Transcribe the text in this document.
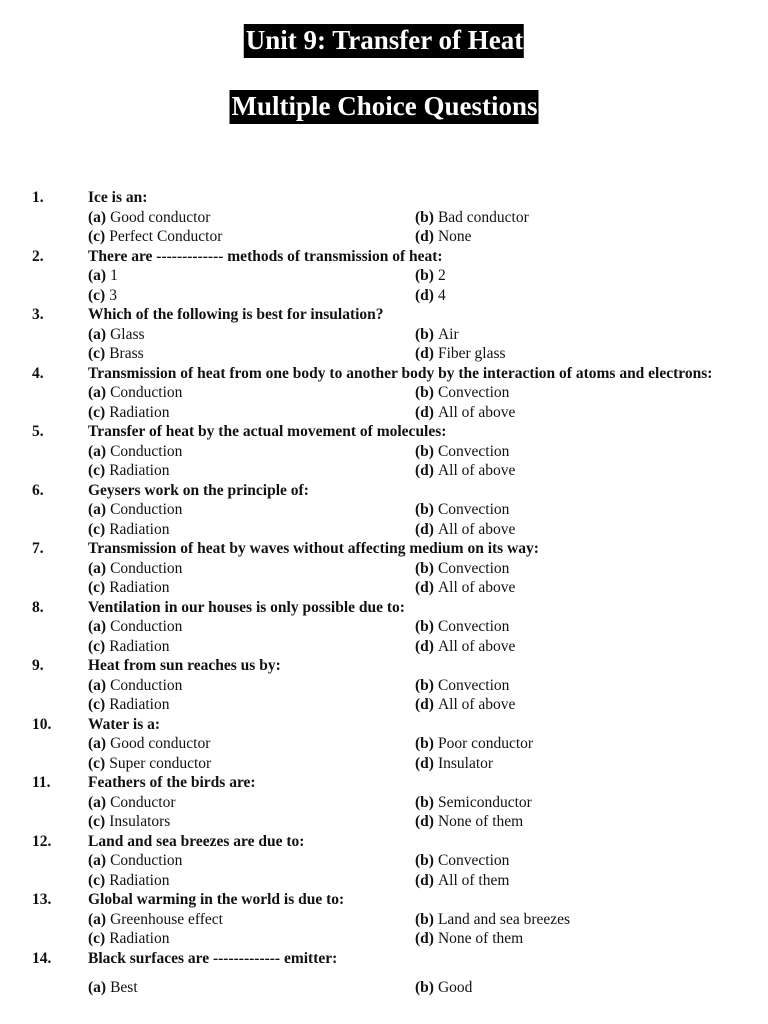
Unit 9: Transfer of Heat
Multiple Choice Questions
1.	Ice is an:
(a) Good conductor	(b) Bad conductor
(c) Perfect Conductor	(d) None
2.	There are ------------- methods of transmission of heat:
(a) 1	(b) 2
(c) 3	(d) 4
3.	Which of the following is best for insulation?
(a) Glass	(b) Air
(c) Brass	(d) Fiber glass
4.	Transmission of heat from one body to another body by the interaction of atoms and electrons:
(a) Conduction	(b) Convection
(c) Radiation	(d) All of above
5.	Transfer of heat by the actual movement of molecules:
(a) Conduction	(b) Convection
(c) Radiation	(d) All of above
6.	Geysers work on the principle of:
(a) Conduction	(b) Convection
(c) Radiation	(d) All of above
7.	Transmission of heat by waves without affecting medium on its way:
(a) Conduction	(b) Convection
(c) Radiation	(d) All of above
8.	Ventilation in our houses is only possible due to:
(a) Conduction	(b) Convection
(c) Radiation	(d) All of above
9.	Heat from sun reaches us by:
(a) Conduction	(b) Convection
(c) Radiation	(d) All of above
10. Water is a:
(a) Good conductor	(b) Poor conductor
(c) Super conductor	(d) Insulator
11. Feathers of the birds are:
(a) Conductor	(b) Semiconductor
(c) Insulators	(d) None of them
12. Land and sea breezes are due to:
(a) Conduction	(b) Convection
(c) Radiation	(d) All of them
13. Global warming in the world is due to:
(a) Greenhouse effect	(b) Land and sea breezes
(c) Radiation	(d) None of them
14. Black surfaces are ------------- emitter:
(a) Best	(b) Good
